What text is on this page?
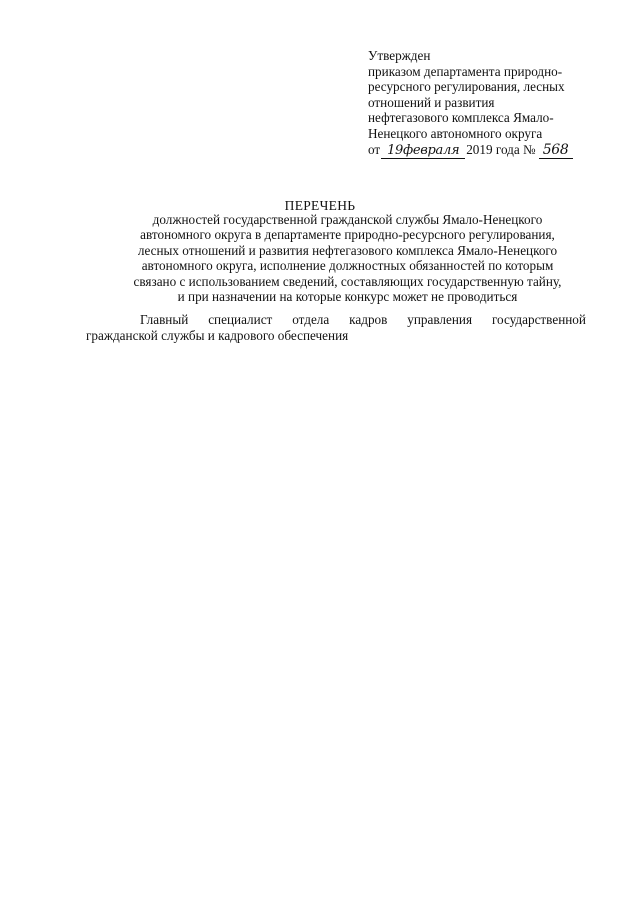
Утвержден
приказом департамента природно-
ресурсного регулирования, лесных
отношений и развития
нефтегазового комплекса Ямало-
Ненецкого автономного округа
от 19февраля 2019 года № 568
ПЕРЕЧЕНЬ
должностей государственной гражданской службы Ямало-Ненецкого
автономного округа в департаменте природно-ресурсного регулирования,
лесных отношений и развития нефтегазового комплекса Ямало-Ненецкого
автономного округа, исполнение должностных обязанностей по которым
связано с использованием сведений, составляющих государственную тайну,
и при назначении на которые конкурс может не проводиться
Главный специалист отдела кадров управления государственной
гражданской службы и кадрового обеспечения
